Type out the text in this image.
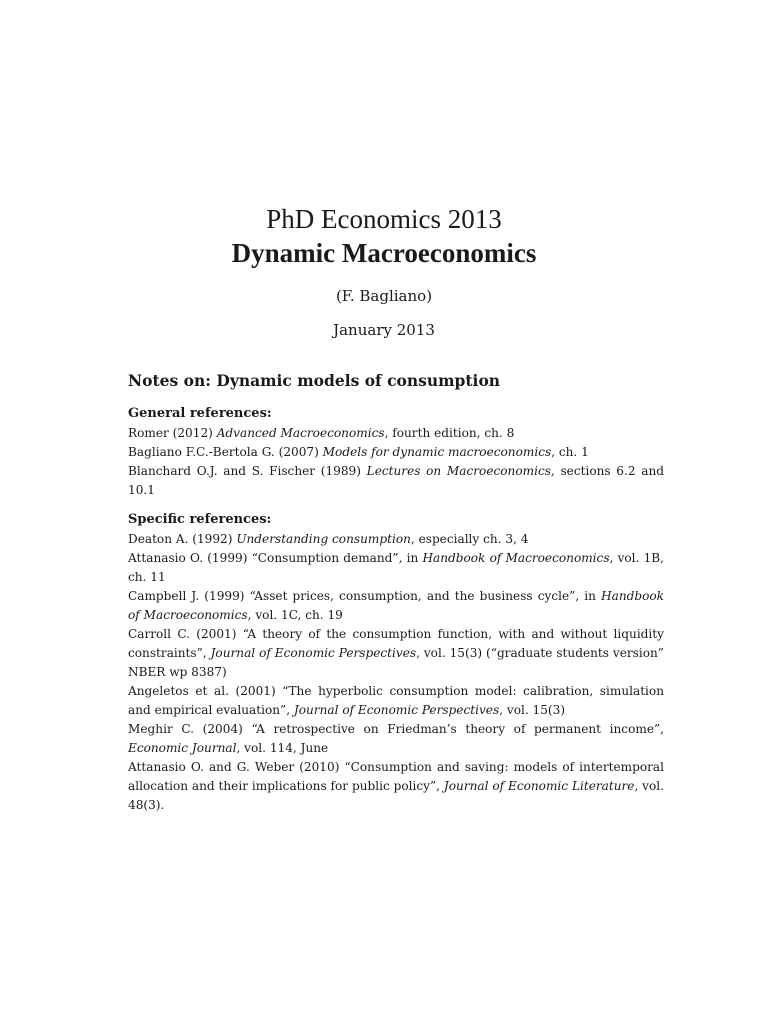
PhD Economics 2013
Dynamic Macroeconomics

(F. Bagliano)

January 2013

Notes on: Dynamic models of consumption
General references:
Romer (2012) Advanced Macroeconomics, fourth edition, ch. 8
Bagliano F.C.-Bertola G. (2007) Models for dynamic macroeconomics, ch. 1
Blanchard O.J. and S. Fischer (1989) Lectures on Macroeconomics, sections 6.2 and 10.1
Specific references:
Deaton A. (1992) Understanding consumption, especially ch. 3, 4
Attanasio O. (1999) “Consumption demand”, in Handbook of Macroeconomics, vol. 1B, ch. 11
Campbell J. (1999) “Asset prices, consumption, and the business cycle”, in Handbook of Macroeconomics, vol. 1C, ch. 19
Carroll C. (2001) “A theory of the consumption function, with and without liquidity constraints”, Journal of Economic Perspectives, vol. 15(3) (“graduate students version” NBER wp 8387)
Angeletos et al. (2001) “The hyperbolic consumption model: calibration, simulation and empirical evaluation”, Journal of Economic Perspectives, vol. 15(3)
Meghir C. (2004) “A retrospective on Friedman’s theory of permanent income”, Economic Journal, vol. 114, June
Attanasio O. and G. Weber (2010) “Consumption and saving: models of intertemporal allocation and their implications for public policy”, Journal of Economic Literature, vol. 48(3).
